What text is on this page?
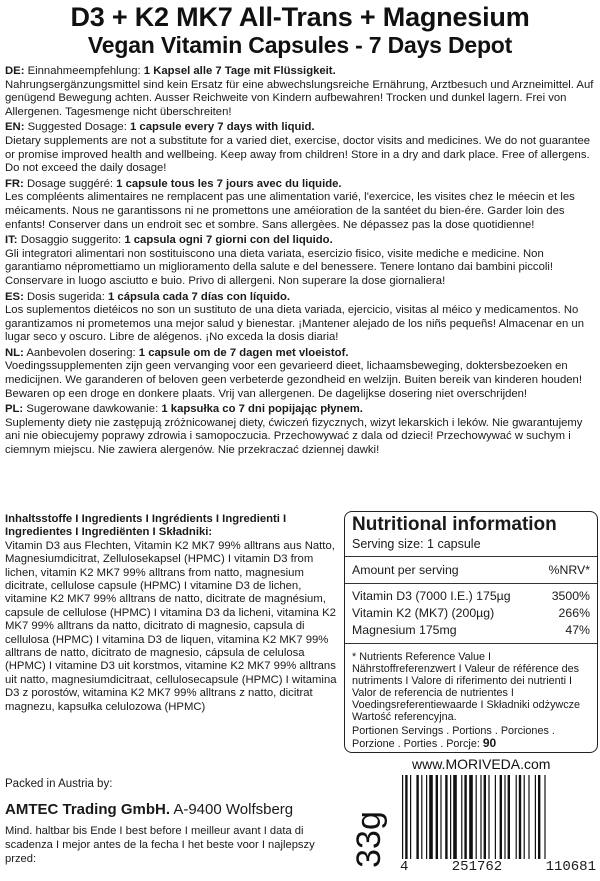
D3 + K2 MK7 All-Trans + Magnesium
Vegan Vitamin Capsules - 7 Days Depot
DE: Einnahmeempfehlung: 1 Kapsel alle 7 Tage mit Flüssigkeit.
Nahrungsergänzungsmittel sind kein Ersatz für eine abwechslungsreiche Ernährung, Arztbesuch und Arzneimittel. Auf genügend Bewegung achten. Ausser Reichweite von Kindern aufbewahren! Trocken und dunkel lagern. Frei von Allergenen. Tagesmenge nicht überschreiten!
EN: Suggested Dosage: 1 capsule every 7 days with liquid.
Dietary supplements are not a substitute for a varied diet, exercise, doctor visits and medicines. We do not guarantee or promise improved health and wellbeing. Keep away from children! Store in a dry and dark place. Free of allergens. Do not exceed the daily dosage!
FR: Dosage suggéré: 1 capsule tous les 7 jours avec du liquide.
Les compléents alimentaires ne remplacent pas une alimentation varié, l'exercice, les visites chez le méecin et les méicaments. Nous ne garantissons ni ne promettons une améioration de la santéet du bien-ére. Garder loin des enfants! Conserver dans un endroit sec et sombre. Sans allergèes. Ne dépassez pas la dose quotidienne!
IT: Dosaggio suggerito: 1 capsula ogni 7 giorni con del liquido.
Gli integratori alimentari non sostituiscono una dieta variata, esercizio fisico, visite mediche e medicine. Non garantiamo népromettiamo un miglioramento della salute e del benessere. Tenere lontano dai bambini piccoli! Conservare in luogo asciutto e buio. Privo di allergeni. Non superare la dose giornaliera!
ES: Dosis sugerida: 1 cápsula cada 7 días con líquido.
Los suplementos dietéicos no son un sustituto de una dieta variada, ejercicio, visitas al méico y medicamentos. No garantizamos ni prometemos una mejor salud y bienestar. ¡Mantener alejado de los niñs pequeñs! Almacenar en un lugar seco y oscuro. Libre de alégenos. ¡No exceda la dosis diaria!
NL: Aanbevolen dosering: 1 capsule om de 7 dagen met vloeistof.
Voedingssupplementen zijn geen vervanging voor een gevarieerd dieet, lichaamsbeweging, doktersbezoeken en medicijnen. We garanderen of beloven geen verbeterde gezondheid en welzijn. Buiten bereik van kinderen houden! Bewaren op een droge en donkere plaats. Vrij van allergenen. De dagelijkse dosering niet overschrijden!
PL: Sugerowane dawkowanie: 1 kapsułka co 7 dni popijając płynem.
Suplementy diety nie zastępują zróżnicowanej diety, ćwiczeń fizycznych, wizyt lekarskich i leków. Nie gwarantujemy ani nie obiecujemy poprawy zdrowia i samopoczucia. Przechowywać z dala od dzieci! Przechowywać w suchym i ciemnym miejscu. Nie zawiera alergenów. Nie przekraczać dziennej dawki!
Inhaltsstoffe I Ingredients I Ingrédients I Ingredienti I Ingredientes I Ingrediënten I Składniki:
Vitamin D3 aus Flechten, Vitamin K2 MK7 99% alltrans aus Natto, Magnesiumdicitrat, Zellulosekapsel (HPMC) I vitamin D3 from lichen, vitamin K2 MK7 99% alltrans from natto, magnesium dicitrate, cellulose capsule (HPMC) I vitamine D3 de lichen, vitamine K2 MK7 99% alltrans de natto, dicitrate de magnésium, capsule de cellulose (HPMC) I vitamina D3 da licheni, vitamina K2 MK7 99% alltrans da natto, dicitrato di magnesio, capsula di cellulosa (HPMC) I vitamina D3 de liquen, vitamina K2 MK7 99% alltrans de natto, dicitrato de magnesio, cápsula de celulosa (HPMC) I vitamine D3 uit korstmos, vitamine K2 MK7 99% alltrans uit natto, magnesiumdicitraat, cellulosecapsule (HPMC) I witamina D3 z porostów, witamina K2 MK7 99% alltrans z natto, dicitrat magnezu, kapsułka celulozowa (HPMC)
Nutritional information
Serving size: 1 capsule
Amount per serving	%NRV*
Vitamin D3 (7000 I.E.) 175µg	3500%
Vitamin K2 (MK7) (200µg)	266%
Magnesium 175mg	47%
* Nutrients Reference Value I Nährstoffreferenzwert I Valeur de référence des nutriments I Valore di riferimento dei nutrienti I Valor de referencia de nutrientes I Voedingsreferentiewaarde I Składniki odżywcze Wartość referencyjna.
Portionen Servings . Portions . Porciones .
Porzione . Porties . Porcje: 90
www.MORIVEDA.com
Packed in Austria by:
AMTEC Trading GmbH. A-9400 Wolfsberg
Mind. haltbar bis Ende I best before I meilleur avant I data di scadenza I mejor antes de la fecha I het beste voor I najlepszy przed:	33g 4	251762	110681
